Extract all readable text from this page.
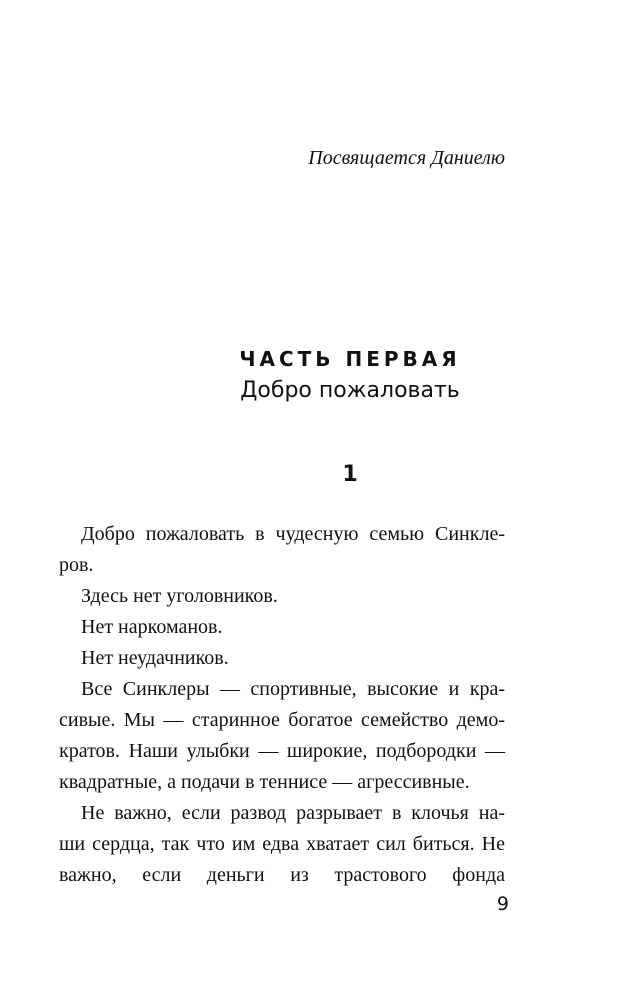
Посвящается Даниелю
ЧАСТЬ ПЕРВАЯ
Добро пожаловать
1
Добро пожаловать в чудесную семью Синкле-
ров.
Здесь нет уголовников.
Нет наркоманов.
Нет неудачников.
Все Синклеры — спортивные, высокие и кра-
сивые. Мы — старинное богатое семейство демо-
кратов. Наши улыбки — широкие, подбородки —
квадратные, а подачи в теннисе — агрессивные.
Не важно, если развод разрывает в клочья на-
ши сердца, так что им едва хватает сил биться. Не
важно, если деньги из трастового фонда
9
